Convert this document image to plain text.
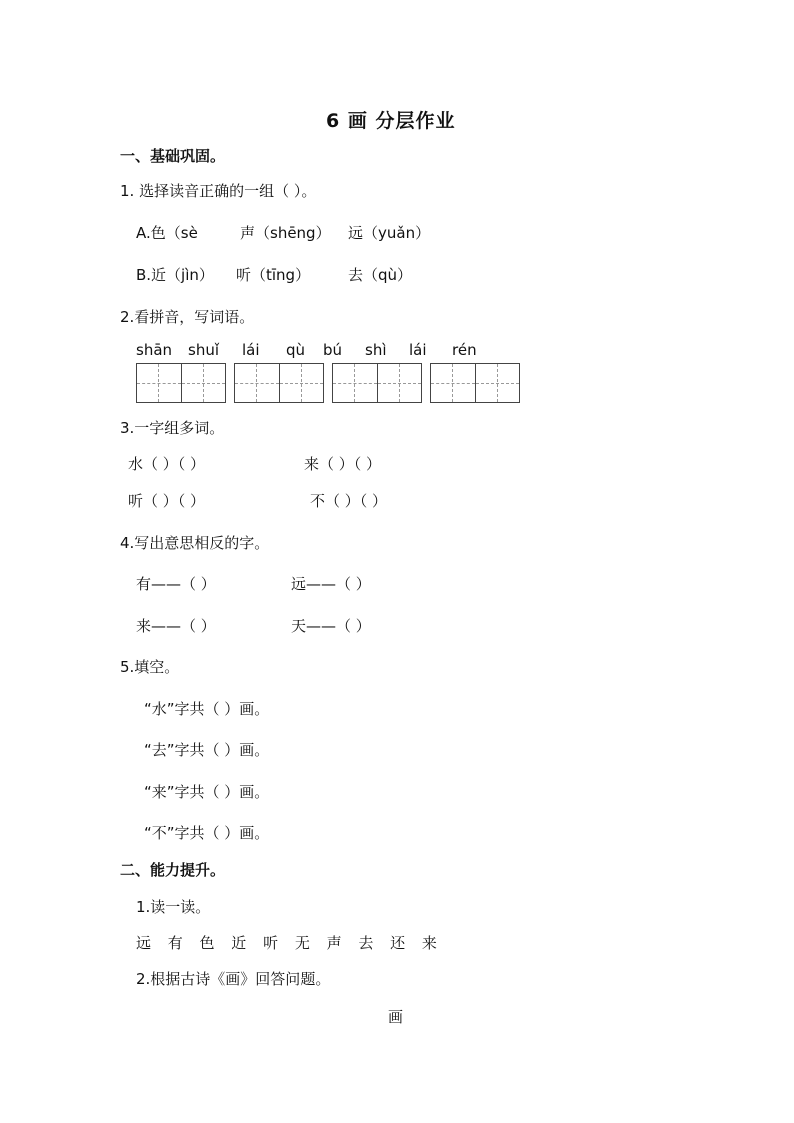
6 画 分层作业
一、基础巩固。
1. 选择读音正确的一组（ ）。
A.色（sè	声（shēng） 远（yuǎn）
B.近（jìn） 听（tīng）	去（qù）
2.看拼音，写词语。
shān shuǐ lái qù bú shì lái rén
3.一字组多词。
水（ ）（ ）	来（ ）（ ）
听（ ）（ ）	不（ ）（ ）
4.写出意思相反的字。
有——（ ）	远——（ ）
来——（ ）	天——（ ）
5.填空。
“水”字共（ ）画。
“去”字共（ ）画。
“来”字共（ ）画。
“不”字共（ ）画。
二、能力提升。
1.读一读。
远 有 色 近 听 无 声 去 还 来
2.根据古诗《画》回答问题。
画
